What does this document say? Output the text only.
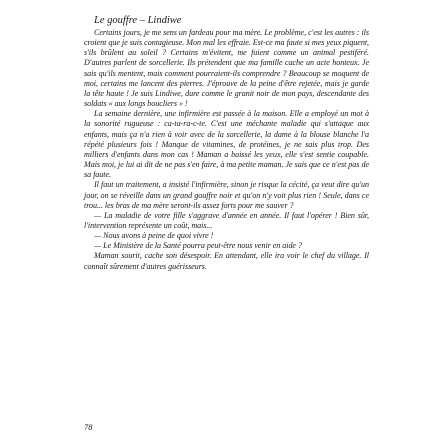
Le gouffre – Lindiwe

Certains jours, je me sens un fardeau pour ma mère. Le problème, c'est les autres : ils croient que je suis contagieuse. Mon mal les effraie. Est-ce ma faute si mes yeux piquent, s'ils brûlent au soleil ? Certains m'évitent, me fuient comme un animal pestiféré. D'autres parlent de sorcellerie. Ils prétendent que ma famille cache un acte honteux. Je sais qu'ils mentent, mais comment pourraient-ils comprendre ? Beaucoup se moquent de moi, certains me lancent des pierres. J'éprouve de la peine d'être rejetée, mais je garde la tête haute ! Je suis Lindiwe, dure comme le granit noir de mon pays, descendante des soldats « aux longs boucliers » !

La semaine dernière, une infirmière est passée à la maison. Elle a employé un mot à la sonorité rugueuse : ca-ta-ra-c-te. C'est une méchante maladie qui s'attaque aux enfants, mais ça n'a rien à voir avec de la sorcellerie, la dame à la blouse blanche l'a répété plusieurs fois ! Manque de vitamines, de protéines, je ne sais plus trop. Des milliers d'enfants dans mon cas ! Maman a baissé les yeux, elle s'est sentie coupable. Mais moi, je lui ai dit de ne pas s'en faire, à ma petite maman. Je sais que ce n'est pas de sa faute.

Il faut un traitement, a insisté l'infirmière, sinon je risque la cécité, ça veut dire qu'un jour, on se réveille dans un grand gouffre noir et qu'on n'y voit plus rien ! Seule, dans ce trou... les bras de ma mère seront-ils assez forts pour me sauver ?

— La maladie de votre fille s'aggrave d'année en année. Il faut l'opérer ! Bien sûr, l'intervention représente un coût, mais...

— Nous avons à peine de quoi vivre !

— Le Ministère de la Santé pourra peut-être nous venir en aide ?

Maman sourit, cache son désespoir. En attendant, elle ira voir le chef du village. Il connaît sûrement d'autres guérisseurs.

78
